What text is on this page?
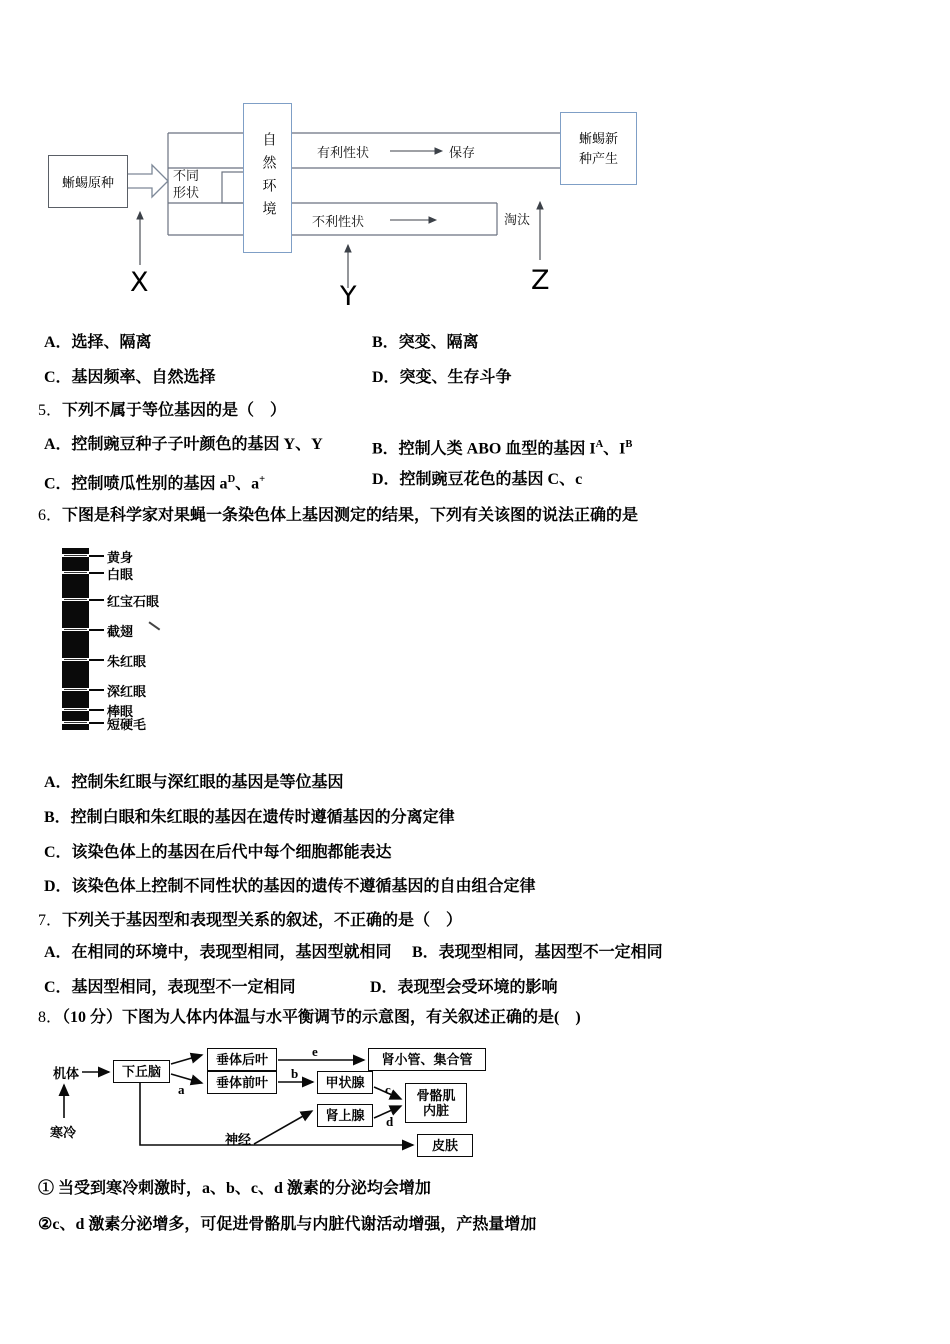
蜥蜴原种	不同形状	自然环境	有利性状	保存
不利性状	淘汰
蜥蜴新种产生
X	Y
Z
A．选择、隔离	B．突变、隔离
C．基因频率、自然选择	D．突变、生存斗争
5．下列不属于等位基因的是（　）
A．控制豌豆种子子叶颜色的基因 Y、Y	B．控制人类 ABO 血型的基因 $I^A$、$I^B$
C．控制喷瓜性别的基因 $a^D$、a+	D．控制豌豆花色的基因 C、c
6．下图是科学家对果蝇一条染色体上基因测定的结果，下列有关该图的说法正确的是
黄身
白眼
红宝石眼
截翅
朱红眼
深红眼
棒眼
短硬毛
A．控制朱红眼与深红眼的基因是等位基因
B．控制白眼和朱红眼的基因在遗传时遵循基因的分离定律
C．该染色体上的基因在后代中每个细胞都能表达
D．该染色体上控制不同性状的基因的遗传不遵循基因的自由组合定律
7．下列关于基因型和表现型关系的叙述，不正确的是（　）
A．在相同的环境中，表现型相同，基因型就相同 B．表现型相同，基因型不一定相同
C．基因型相同，表现型不一定相同	D．表现型会受环境的影响
8．（10 分）下图为人体内体温与水平衡调节的示意图，有关叙述正确的是(　)
机体
寒冷
下丘脑
垂体后叶
垂体前叶
肾小管、集合管
甲状腺
骨骼肌
内脏
肾上腺
皮肤
神经
a
b
c
d
e
① 当受到寒冷刺激时，a、b、c、d 激素的分泌均会增加
②c、d 激素分泌增多，可促进骨骼肌与内脏代谢活动增强，产热量增加
